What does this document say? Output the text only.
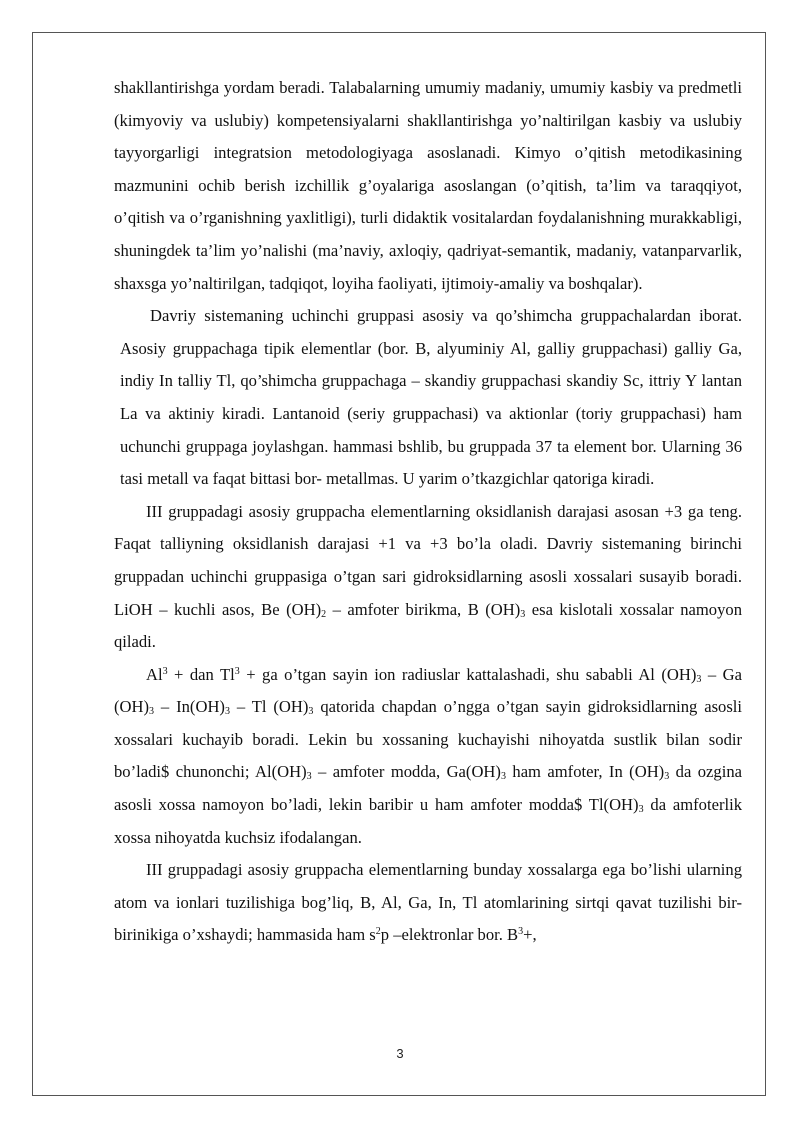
shakllantirishga yordam beradi. Talabalarning umumiy madaniy, umumiy kasbiy va predmetli (kimyoviy va uslubiy) kompetensiyalarni shakllantirishga yo’naltirilgan kasbiy va uslubiy tayyorgarligi integratsion metodologiyaga asoslanadi. Kimyo o’qitish metodikasining mazmunini ochib berish izchillik g’oyalariga asoslangan (o’qitish, ta’lim va taraqqiyot, o’qitish va o’rganishning yaxlitligi), turli didaktik vositalardan foydalanishning murakkabligi, shuningdek ta’lim yo’nalishi (ma’naviy, axloqiy, qadriyat-semantik, madaniy, vatanparvarlik, shaxsga yo’naltirilgan, tadqiqot, loyiha faoliyati, ijtimoiy-amaliy va boshqalar).

Davriy sistemaning uchinchi gruppasi asosiy va qo’shimcha gruppachalardan iborat. Asosiy gruppachaga tipik elementlar (bor. B, alyuminiy Al, galliy gruppachasi) galliy Ga, indiy In talliy Tl, qo’shimcha gruppachaga – skandiy gruppachasi skandiy Sc, ittriy Y lantan La va aktiniy kiradi. Lantanoid (seriy gruppachasi) va aktionlar (toriy gruppachasi) ham uchunchi gruppaga joylashgan. hammasi bshlib, bu gruppada 37 ta element bor. Ularning 36 tasi metall va faqat bittasi bor- metallmas. U yarim o’tkazgichlar qatoriga kiradi.

III gruppadagi asosiy gruppacha elementlarning oksidlanish darajasi asosan +3 ga teng. Faqat talliyning oksidlanish darajasi +1 va +3 bo’la oladi. Davriy sistemaning birinchi gruppadan uchinchi gruppasiga o’tgan sari gidroksidlarning asosli xossalari susayib boradi. LiOH – kuchli asos, Be $(OH)_2$ – amfoter birikma, B $(OH)_3$ esa kislotali xossalar namoyon qiladi.

$Al^3$ + dan $Tl^3$ + ga o’tgan sayin ion radiuslar kattalashadi, shu sababli Al $(OH)_3$ – Ga $(OH)_3 - In(OH)_3$ – Tl $(OH)_3$ qatorida chapdan o’ngga o’tgan sayin gidroksidlarning asosli xossalari kuchayib boradi. Lekin bu xossaning kuchayishi nihoyatda sustlik bilan sodir bo’ladi$ chunonchi; $Al(OH)_3$ – amfoter modda, $Ga(OH)_3$ ham amfoter, In $(OH)_3$ da ozgina asosli xossa namoyon bo’ladi, lekin baribir u ham amfoter modda$ $Tl(OH)_3$ da amfoterlik xossa nihoyatda kuchsiz ifodalangan.

III gruppadagi asosiy gruppacha elementlarning bunday xossalarga ega bo’lishi ularning atom va ionlari tuzilishiga bog’liq, B, Al, Ga, In, Tl atomlarining sirtqi qavat tuzilishi bir- birinikiga o’xshaydi; hammasida ham $s^2p$ –elektronlar bor. $B^3+$,

3
